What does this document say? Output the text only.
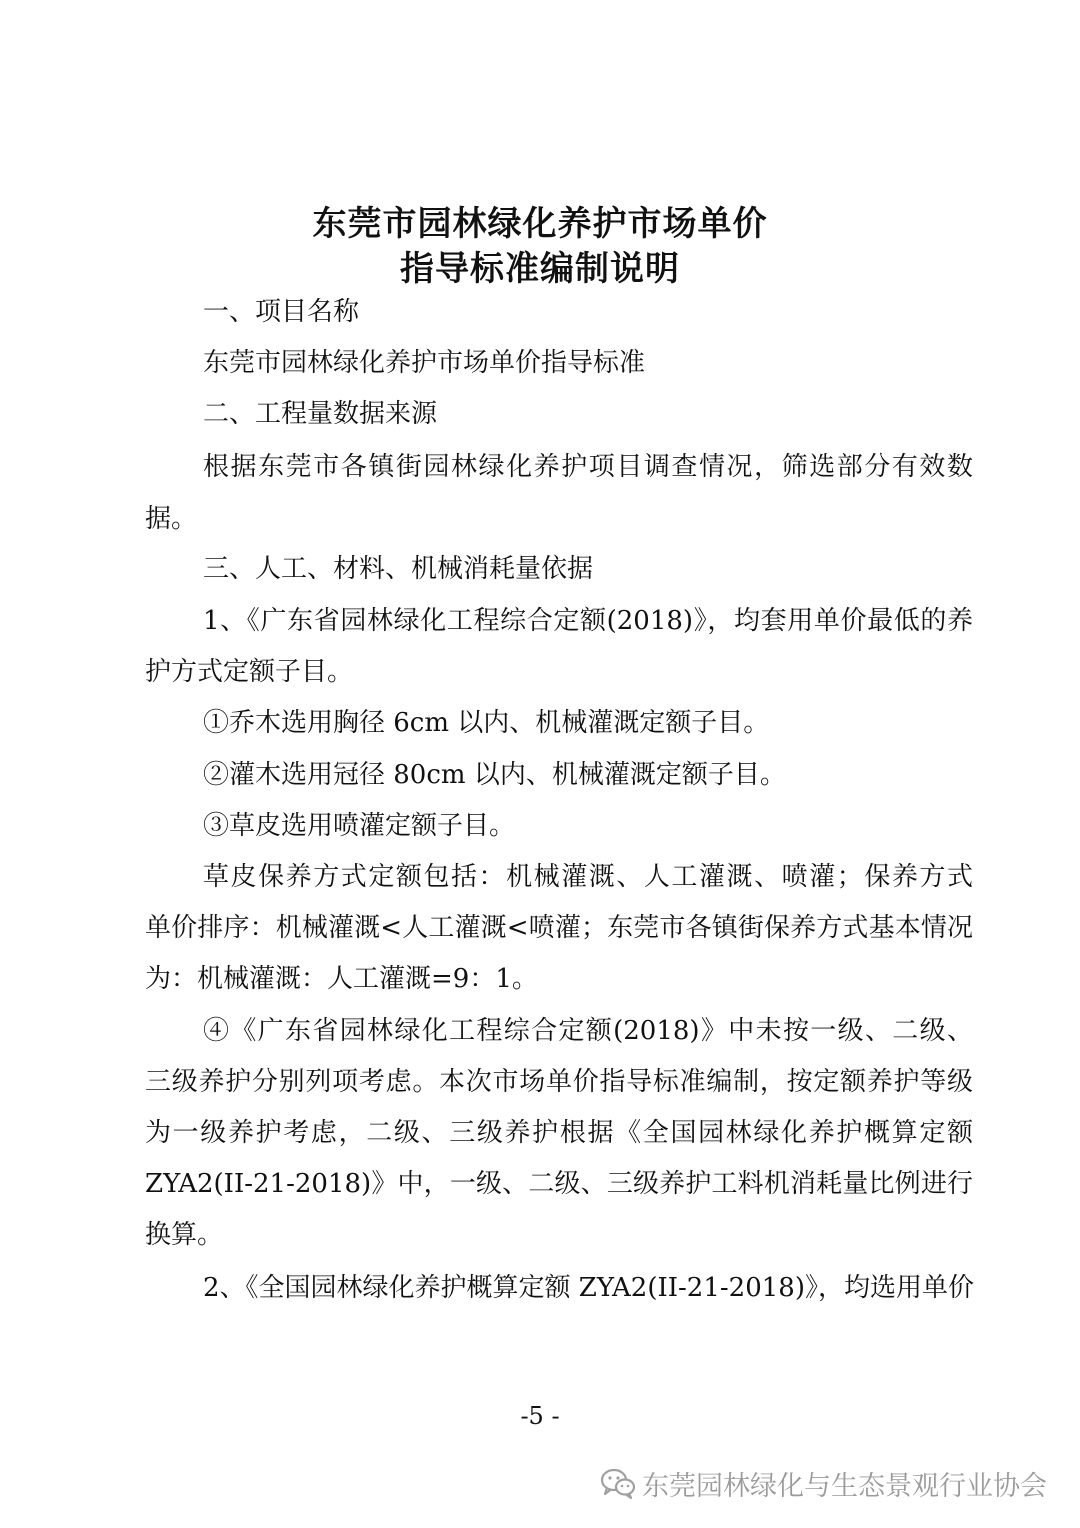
东莞市园林绿化养护市场单价
指导标准编制说明
一、项目名称
东莞市园林绿化养护市场单价指导标准
二、工程量数据来源
根据东莞市各镇街园林绿化养护项目调查情况，筛选部分有效数
据。
三、人工、材料、机械消耗量依据
1、《广东省园林绿化工程综合定额(2018)》，均套用单价最低的养
护方式定额子目。
①乔木选用胸径 6cm 以内、机械灌溉定额子目。
②灌木选用冠径 80cm 以内、机械灌溉定额子目。
③草皮选用喷灌定额子目。
草皮保养方式定额包括：机械灌溉、人工灌溉、喷灌；保养方式
单价排序：机械灌溉<人工灌溉<喷灌；东莞市各镇街保养方式基本情况
为：机械灌溉：人工灌溉=9：1。
④《广东省园林绿化工程综合定额(2018)》中未按一级、二级、
三级养护分别列项考虑。本次市场单价指导标准编制，按定额养护等级
为一级养护考虑，二级、三级养护根据《全国园林绿化养护概算定额
ZYA2(II-21-2018)》中，一级、二级、三级养护工料机消耗量比例进行
换算。
2、《全国园林绿化养护概算定额 ZYA2(II-21-2018)》，均选用单价
-5 -
东莞园林绿化与生态景观行业协会
